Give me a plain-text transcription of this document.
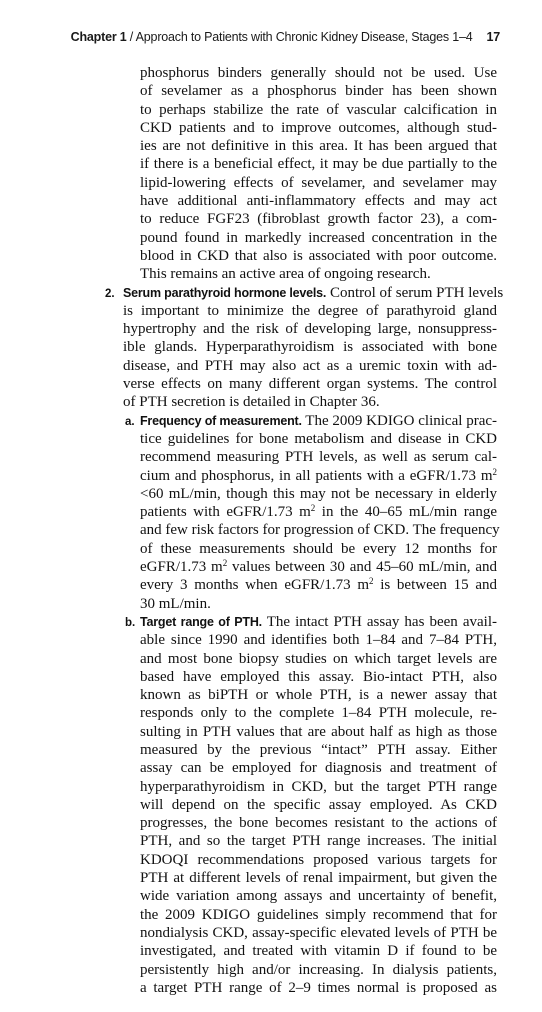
Chapter 1 / Approach to Patients with Chronic Kidney Disease, Stages 1–4 17

phosphorus binders generally should not be used. Use
of sevelamer as a phosphorus binder has been shown
to perhaps stabilize the rate of vascular calcification in
CKD patients and to improve outcomes, although stud-
ies are not definitive in this area. It has been argued that
if there is a beneficial effect, it may be due partially to the
lipid-lowering effects of sevelamer, and sevelamer may
have additional anti-inflammatory effects and may act
to reduce FGF23 (fibroblast growth factor 23), a com-
pound found in markedly increased concentration in the
blood in CKD that also is associated with poor outcome.
This remains an active area of ongoing research.

2. Serum parathyroid hormone levels. Control of serum PTH levels
is important to minimize the degree of parathyroid gland
hypertrophy and the risk of developing large, nonsuppress-
ible glands. Hyperparathyroidism is associated with bone
disease, and PTH may also act as a uremic toxin with ad-
verse effects on many different organ systems. The control
of PTH secretion is detailed in Chapter 36.

a. Frequency of measurement. The 2009 KDIGO clinical prac-
tice guidelines for bone metabolism and disease in CKD
recommend measuring PTH levels, as well as serum cal-
cium and phosphorus, in all patients with a eGFR/1.73 $m^2$
<60 mL/min, though this may not be necessary in elderly
patients with eGFR/1.73 $m^2$ in the 40–65 mL/min range
and few risk factors for progression of CKD. The frequency
of these measurements should be every 12 months for
eGFR/1.73 $m^2$ values between 30 and 45–60 mL/min, and
every 3 months when eGFR/1.73 $m^2$ is between 15 and
30 mL/min.

b. Target range of PTH. The intact PTH assay has been avail-
able since 1990 and identifies both 1–84 and 7–84 PTH,
and most bone biopsy studies on which target levels are
based have employed this assay. Bio-intact PTH, also
known as biPTH or whole PTH, is a newer assay that
responds only to the complete 1–84 PTH molecule, re-
sulting in PTH values that are about half as high as those
measured by the previous “intact” PTH assay. Either
assay can be employed for diagnosis and treatment of
hyperparathyroidism in CKD, but the target PTH range
will depend on the specific assay employed. As CKD
progresses, the bone becomes resistant to the actions of
PTH, and so the target PTH range increases. The initial
KDOQI recommendations proposed various targets for
PTH at different levels of renal impairment, but given the
wide variation among assays and uncertainty of benefit,
the 2009 KDIGO guidelines simply recommend that for
nondialysis CKD, assay-specific elevated levels of PTH be
investigated, and treated with vitamin D if found to be
persistently high and/or increasing. In dialysis patients,
a target PTH range of 2–9 times normal is proposed as
